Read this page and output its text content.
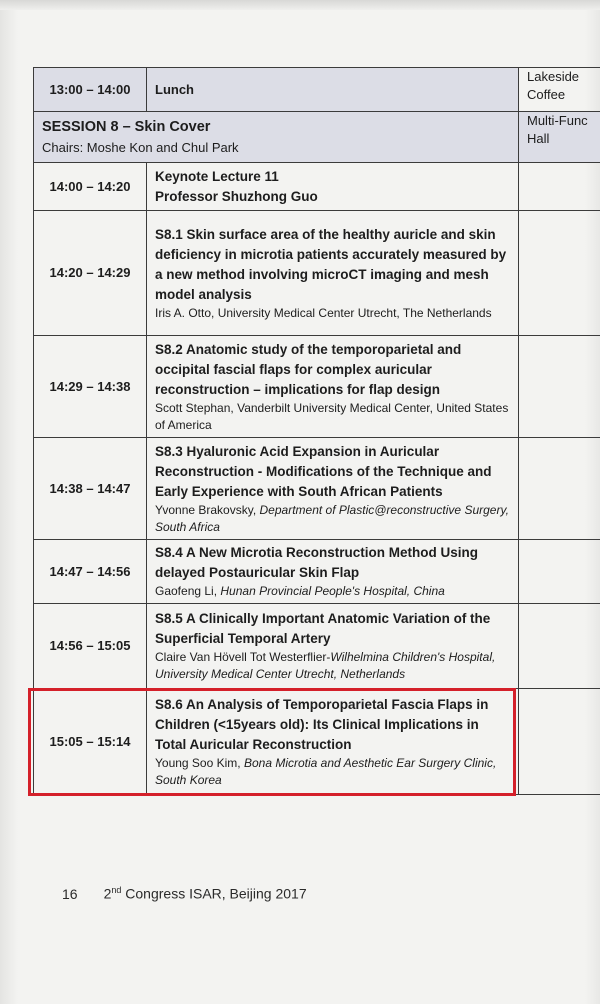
13:00 – 14:00	Lunch	Lakeside Coffee

SESSION 8 – Skin Cover
Chairs: Moshe Kon and Chul Park		Multi-Func Hall
14:00 – 14:20	Keynote Lecture 11
Professor Shuzhong Guo	

14:20 – 14:29	S8.1 Skin surface area of the healthy auricle and skin deficiency in microtia patients accurately measured by a new method involving microCT imaging and mesh model analysis
Iris A. Otto, University Medical Center Utrecht, The Netherlands	

14:29 – 14:38	S8.2 Anatomic study of the temporoparietal and occipital fascial flaps for complex auricular reconstruction – implications for flap design
Scott Stephan, Vanderbilt University Medical Center, United States of America	

14:38 – 14:47	S8.3 Hyaluronic Acid Expansion in Auricular Reconstruction - Modifications of the Technique and Early Experience with South African Patients
Yvonne Brakovsky, Department of Plastic@reconstructive Surgery, South Africa	

14:47 – 14:56	S8.4 A New Microtia Reconstruction Method Using delayed Postauricular Skin Flap
Gaofeng Li, Hunan Provincial People's Hospital, China	

14:56 – 15:05	S8.5 A Clinically Important Anatomic Variation of the Superficial Temporal Artery
Claire Van Hövell Tot Westerflier-Wilhelmina Children's Hospital, University Medical Center Utrecht, Netherlands	

15:05 – 15:14	S8.6 An Analysis of Temporoparietal Fascia Flaps in Children (<15years old): Its Clinical Implications in Total Auricular Reconstruction
Young Soo Kim, Bona Microtia and Aesthetic Ear Surgery Clinic, South Korea	

16 2nd Congress ISAR, Beijing 2017
